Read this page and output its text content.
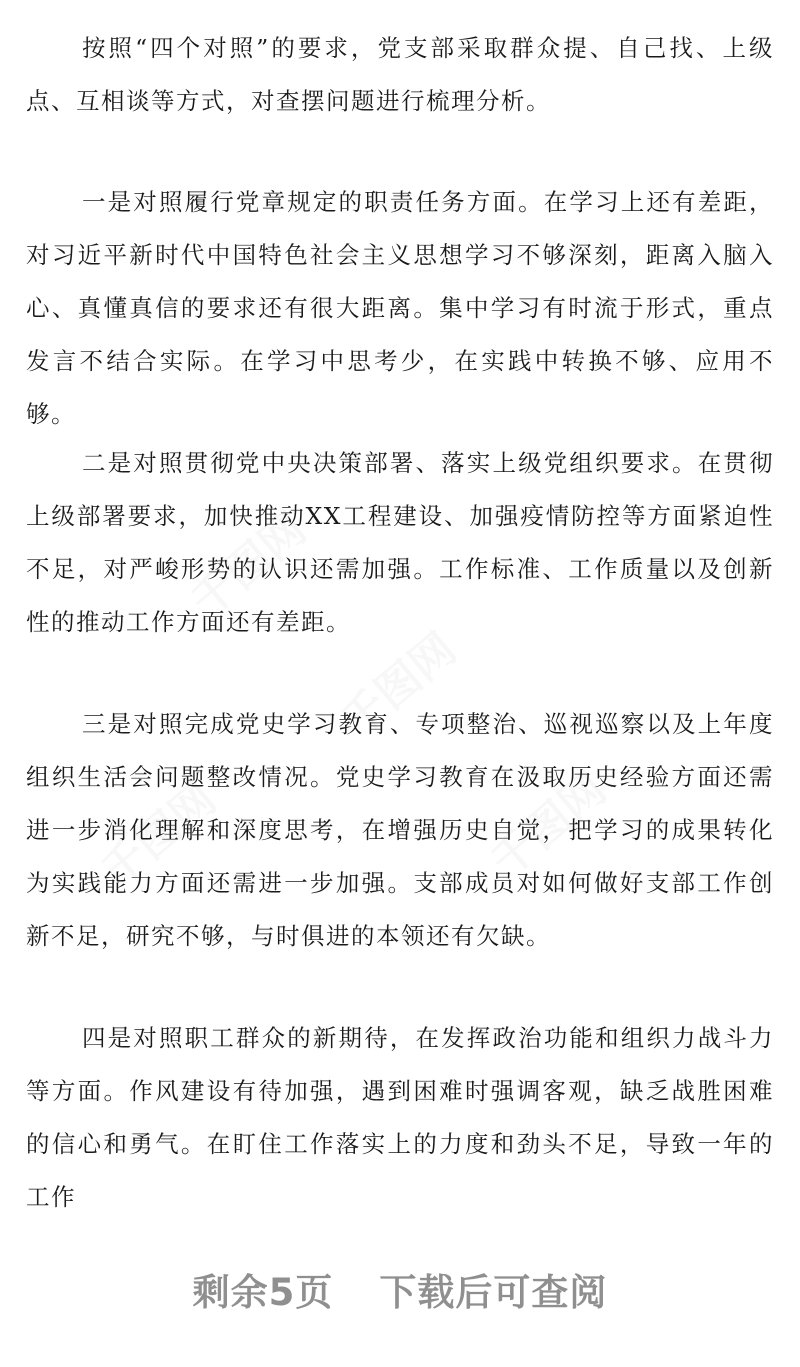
千图网
千图网
千图网
千图网

按照“四个对照”的要求，党支部采取群众提、自己找、上级点、互相谈等方式，对查摆问题进行梳理分析。

一是对照履行党章规定的职责任务方面。在学习上还有差距，对习近平新时代中国特色社会主义思想学习不够深刻，距离入脑入心、真懂真信的要求还有很大距离。集中学习有时流于形式，重点发言不结合实际。在学习中思考少，在实践中转换不够、应用不够。

二是对照贯彻党中央决策部署、落实上级党组织要求。在贯彻上级部署要求，加快推动XX工程建设、加强疫情防控等方面紧迫性不足，对严峻形势的认识还需加强。工作标准、工作质量以及创新性的推动工作方面还有差距。

三是对照完成党史学习教育、专项整治、巡视巡察以及上年度组织生活会问题整改情况。党史学习教育在汲取历史经验方面还需进一步消化理解和深度思考，在增强历史自觉，把学习的成果转化为实践能力方面还需进一步加强。支部成员对如何做好支部工作创新不足，研究不够，与时俱进的本领还有欠缺。

四是对照职工群众的新期待，在发挥政治功能和组织力战斗力等方面。作风建设有待加强，遇到困难时强调客观，缺乏战胜困难的信心和勇气。在盯住工作落实上的力度和劲头不足，导致一年的工作

剩余5页 下载后可查阅
